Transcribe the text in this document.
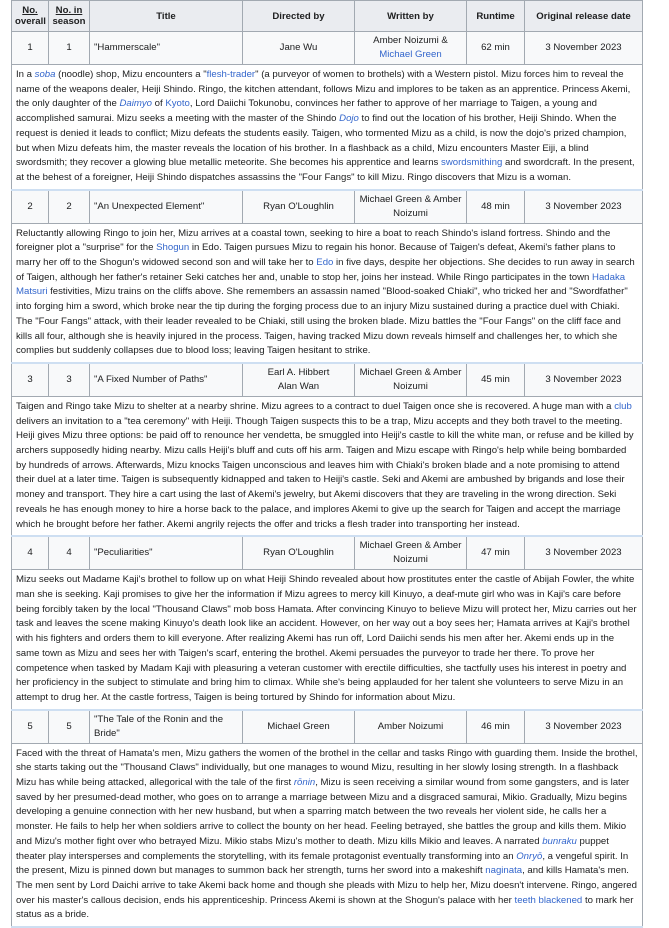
No.
overall	No. in
season	Title	Directed by	Written by	Runtime	Original release date
1	1	"Hammerscale"	Jane Wu	Amber Noizumi & Michael Green	62 min	3 November 2023
In a soba (noodle) shop, Mizu encounters a "flesh-trader" (a purveyor of women to brothels) with a Western pistol. Mizu forces him to reveal the name of the weapons dealer, Heiji Shindo. Ringo, the kitchen attendant, follows Mizu and implores to be taken as an apprentice. Princess Akemi, the only daughter of the Daimyo of Kyoto, Lord Daiichi Tokunobu, convinces her father to approve of her marriage to Taigen, a young and accomplished samurai. Mizu seeks a meeting with the master of the Shindo Dojo to find out the location of his brother, Heiji Shindo. When the request is denied it leads to conflict; Mizu defeats the students easily. Taigen, who tormented Mizu as a child, is now the dojo's prized champion, but when Mizu defeats him, the master reveals the location of his brother. In a flashback as a child, Mizu encounters Master Eiji, a blind swordsmith; they recover a glowing blue metallic meteorite. She becomes his apprentice and learns swordsmithing and swordcraft. In the present, at the behest of a foreigner, Heiji Shindo dispatches assassins the "Four Fangs" to kill Mizu. Ringo discovers that Mizu is a woman.						
2	2	"An Unexpected Element"	Ryan O'Loughlin	Michael Green & Amber Noizumi	48 min	3 November 2023
Reluctantly allowing Ringo to join her, Mizu arrives at a coastal town, seeking to hire a boat to reach Shindo's island fortress. Shindo and the foreigner plot a "surprise" for the Shogun in Edo. Taigen pursues Mizu to regain his honor. Because of Taigen's defeat, Akemi's father plans to marry her off to the Shogun's widowed second son and will take her to Edo in five days, despite her objections. She decides to run away in search of Taigen, although her father's retainer Seki catches her and, unable to stop her, joins her instead. While Ringo participates in the town Hadaka Matsuri festivities, Mizu trains on the cliffs above. She remembers an assassin named "Blood-soaked Chiaki", who tricked her and "Swordfather" into forging him a sword, which broke near the tip during the forging process due to an injury Mizu sustained during a practice duel with Chiaki. The "Four Fangs" attack, with their leader revealed to be Chiaki, still using the broken blade. Mizu battles the "Four Fangs" on the cliff face and kills all four, although she is heavily injured in the process. Taigen, having tracked Mizu down reveals himself and challenges her, to which she complies but suddenly collapses due to blood loss; leaving Taigen hesitant to strike.						
3	3	"A Fixed Number of Paths"	Earl A. Hibbert
Alan Wan	Michael Green & Amber Noizumi	45 min	3 November 2023
Taigen and Ringo take Mizu to shelter at a nearby shrine. Mizu agrees to a contract to duel Taigen once she is recovered. A huge man with a club delivers an invitation to a "tea ceremony" with Heiji. Though Taigen suspects this to be a trap, Mizu accepts and they both travel to the meeting. Heiji gives Mizu three options: be paid off to renounce her vendetta, be smuggled into Heiji's castle to kill the white man, or refuse and be killed by archers supposedly hiding nearby. Mizu calls Heiji's bluff and cuts off his arm. Taigen and Mizu escape with Ringo's help while being bombarded by hundreds of arrows. Afterwards, Mizu knocks Taigen unconscious and leaves him with Chiaki's broken blade and a note promising to attend their duel at a later time. Taigen is subsequently kidnapped and taken to Heiji's castle. Seki and Akemi are ambushed by brigands and lose their money and transport. They hire a cart using the last of Akemi's jewelry, but Akemi discovers that they are traveling in the wrong direction. Seki reveals he has enough money to hire a horse back to the palace, and implores Akemi to give up the search for Taigen and accept the marriage which he brought before her father. Akemi angrily rejects the offer and tricks a flesh trader into transporting her instead.						
4	4	"Peculiarities"	Ryan O'Loughlin	Michael Green & Amber Noizumi	47 min	3 November 2023
Mizu seeks out Madame Kaji's brothel to follow up on what Heiji Shindo revealed about how prostitutes enter the castle of Abijah Fowler, the white man she is seeking. Kaji promises to give her the information if Mizu agrees to mercy kill Kinuyo, a deaf-mute girl who was in Kaji's care before being forcibly taken by the local "Thousand Claws" mob boss Hamata. After convincing Kinuyo to believe Mizu will protect her, Mizu carries out her task and leaves the scene making Kinuyo's death look like an accident. However, on her way out a boy sees her; Hamata arrives at Kaji's brothel with his fighters and orders them to kill everyone. After realizing Akemi has run off, Lord Daiichi sends his men after her. Akemi ends up in the same town as Mizu and sees her with Taigen's scarf, entering the brothel. Akemi persuades the purveyor to trade her there. To prove her competence when tasked by Madam Kaji with pleasuring a veteran customer with erectile difficulties, she tactfully uses his interest in poetry and her proficiency in the subject to stimulate and bring him to climax. While she's being applauded for her talent she volunteers to serve Mizu in an attempt to drug her. At the castle fortress, Taigen is being tortured by Shindo for information about Mizu.						
5	5	"The Tale of the Ronin and the Bride"	Michael Green	Amber Noizumi	46 min	3 November 2023
Faced with the threat of Hamata's men, Mizu gathers the women of the brothel in the cellar and tasks Ringo with guarding them. Inside the brothel, she starts taking out the "Thousand Claws" individually, but one manages to wound Mizu, resulting in her slowly losing strength. In a flashback Mizu has while being attacked, allegorical with the tale of the first rōnin, Mizu is seen receiving a similar wound from some gangsters, and is later saved by her presumed-dead mother, who goes on to arrange a marriage between Mizu and a disgraced samurai, Mikio. Gradually, Mizu begins developing a genuine connection with her new husband, but when a sparring match between the two reveals her violent side, he calls her a monster. He fails to help her when soldiers arrive to collect the bounty on her head. Feeling betrayed, she battles the group and kills them. Mikio and Mizu's mother fight over who betrayed Mizu. Mikio stabs Mizu's mother to death. Mizu kills Mikio and leaves. A narrated bunraku puppet theater play intersperses and complements the storytelling, with its female protagonist eventually transforming into an Onryō, a vengeful spirit. In the present, Mizu is pinned down but manages to summon back her strength, turns her sword into a makeshift naginata, and kills Hamata's men. The men sent by Lord Daichi arrive to take Akemi back home and though she pleads with Mizu to help her, Mizu doesn't intervene. Ringo, angered over his master's callous decision, ends his apprenticeship. Princess Akemi is shown at the Shogun's palace with her teeth blackened to mark her status as a bride.						
